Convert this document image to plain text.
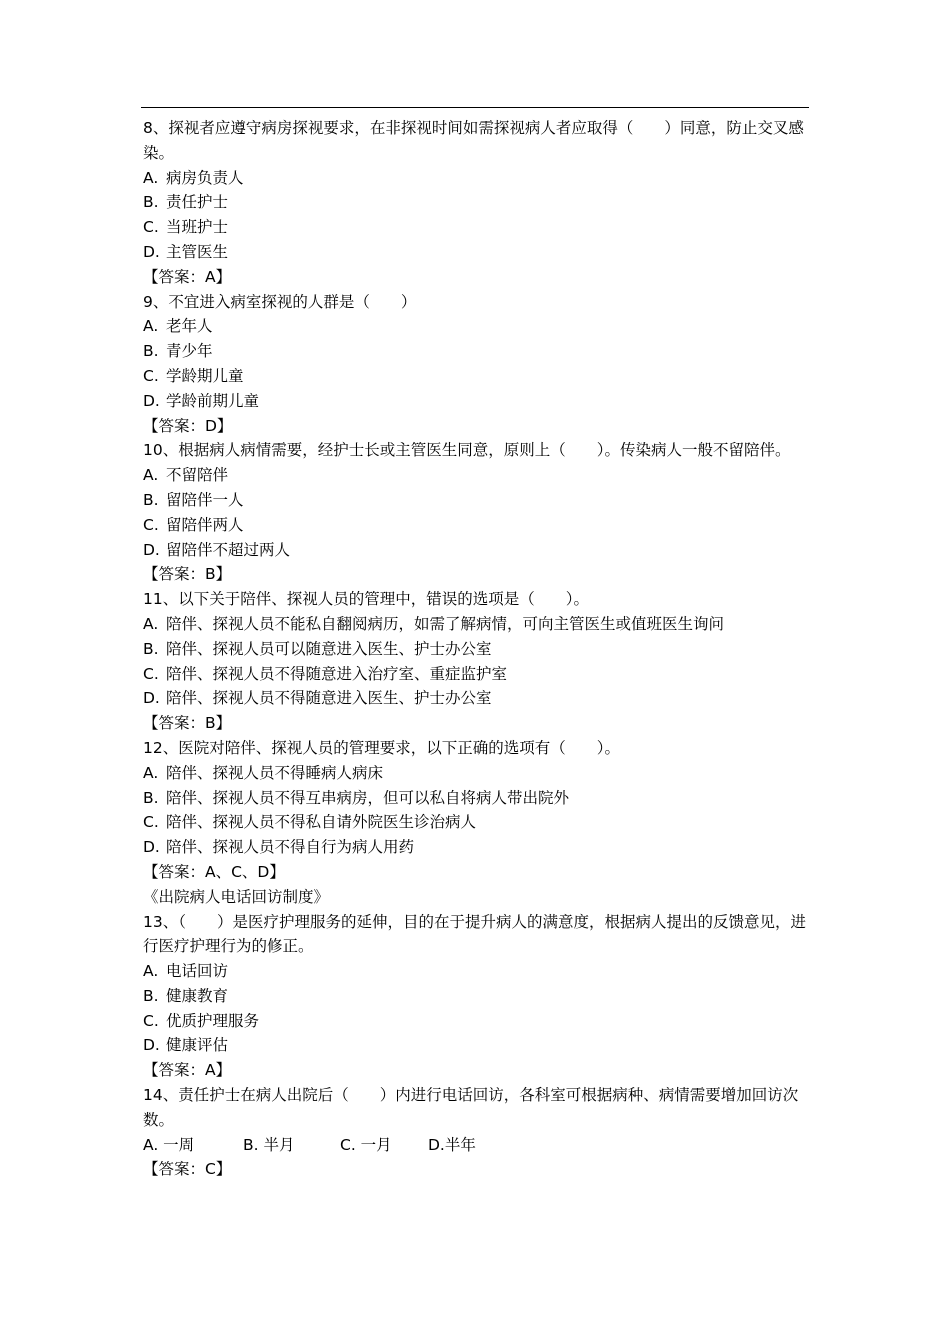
8、探视者应遵守病房探视要求，在非探视时间如需探视病人者应取得（　　）同意，防止交叉感染。
A. 病房负责人
B. 责任护士
C. 当班护士
D. 主管医生
【答案：A】
9、不宜进入病室探视的人群是（　　）
A. 老年人
B. 青少年
C. 学龄期儿童
D. 学龄前期儿童
【答案：D】
10、根据病人病情需要，经护士长或主管医生同意，原则上（　　）。传染病人一般不留陪伴。
A. 不留陪伴
B. 留陪伴一人
C. 留陪伴两人
D. 留陪伴不超过两人
【答案：B】
11、以下关于陪伴、探视人员的管理中，错误的选项是（　　）。
A. 陪伴、探视人员不能私自翻阅病历，如需了解病情，可向主管医生或值班医生询问
B. 陪伴、探视人员可以随意进入医生、护士办公室
C. 陪伴、探视人员不得随意进入治疗室、重症监护室
D. 陪伴、探视人员不得随意进入医生、护士办公室
【答案：B】
12、医院对陪伴、探视人员的管理要求，以下正确的选项有（　　）。
A. 陪伴、探视人员不得睡病人病床
B. 陪伴、探视人员不得互串病房，但可以私自将病人带出院外
C. 陪伴、探视人员不得私自请外院医生诊治病人
D. 陪伴、探视人员不得自行为病人用药
【答案：A、C、D】
《出院病人电话回访制度》
13、（　　）是医疗护理服务的延伸，目的在于提升病人的满意度，根据病人提出的反馈意见，进行医疗护理行为的修正。
A. 电话回访
B. 健康教育
C. 优质护理服务
D. 健康评估
【答案：A】
14、责任护士在病人出院后（　　）内进行电话回访，各科室可根据病种、病情需要增加回访次数。
A. 一周	B. 半月	C. 一月	D.半年
【答案：C】
